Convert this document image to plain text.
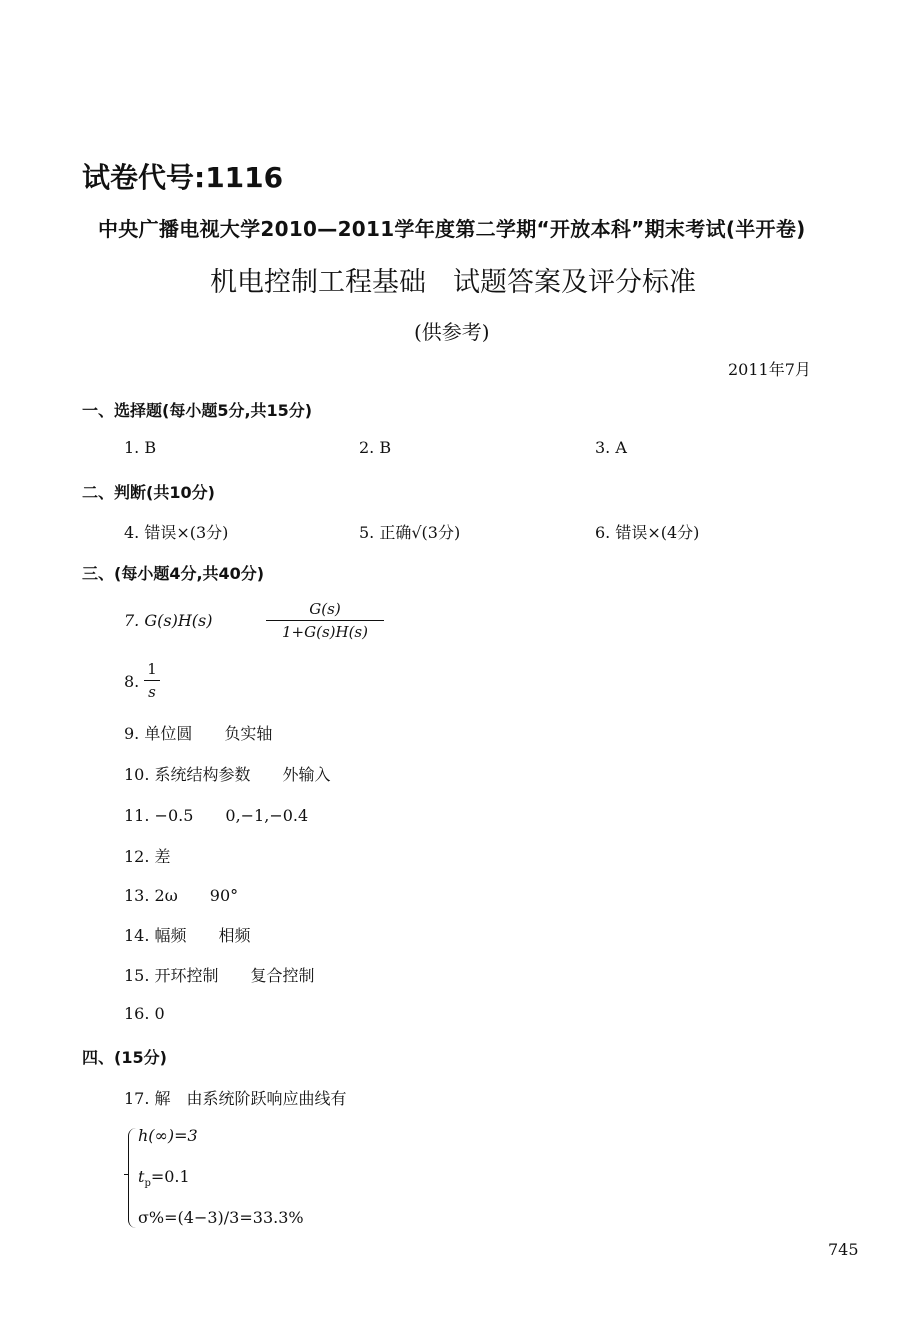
试卷代号:1116
中央广播电视大学2010—2011学年度第二学期“开放本科”期末考试(半开卷)
机电控制工程基础　试题答案及评分标准
(供参考)
2011年7月
一、选择题(每小题5分,共15分)
1. B	2. B	3. A
二、判断(共10分)
4. 错误×(3分)	5. 正确√(3分)	6. 错误×(4分)
三、(每小题4分,共40分)
7. G(s)H(s)
G(s)
1+G(s)H(s)
8.
1
s
9. 单位圆　　负实轴
10. 系统结构参数　　外输入
11. −0.5　　0,−1,−0.4
12. 差
13. 2ω　　90°
14. 幅频　　相频
15. 开环控制　　复合控制
16. 0
四、(15分)
17. 解　由系统阶跃响应曲线有
h(∞)=3
$t_p=0.1$
σ%=(4−3)/3=33.3%
745
